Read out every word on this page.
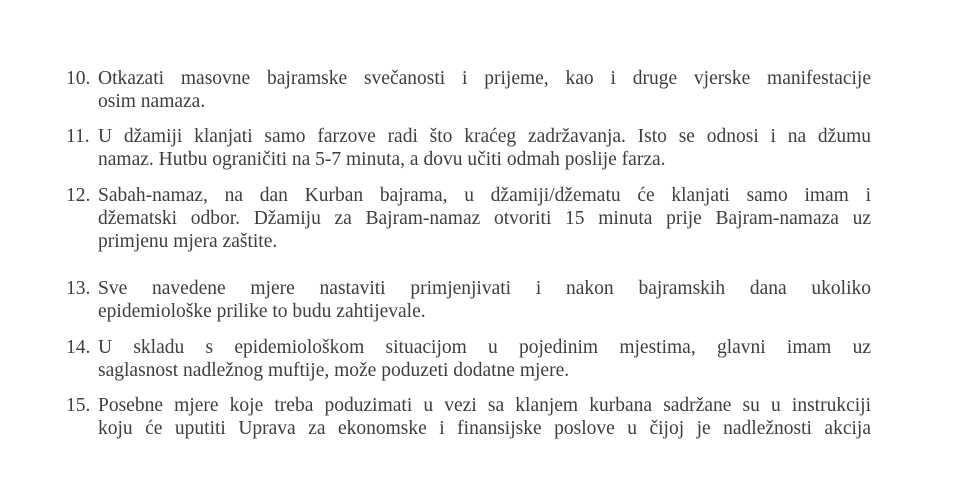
10. Otkazati masovne bajramske svečanosti i prijeme, kao i druge vjerske manifestacije
osim namaza.
11. U džamiji klanjati samo farzove radi što kraćeg zadržavanja. Isto se odnosi i na džumu
namaz. Hutbu ograničiti na 5-7 minuta, a dovu učiti odmah poslije farza.
12. Sabah-namaz, na dan Kurban bajrama, u džamiji/džematu će klanjati samo imam i
džematski odbor. Džamiju za Bajram-namaz otvoriti 15 minuta prije Bajram-namaza uz
primjenu mjera zaštite.
13. Sve navedene mjere nastaviti primjenjivati i nakon bajramskih dana ukoliko
epidemiološke prilike to budu zahtijevale.
14. U skladu s epidemiološkom situacijom u pojedinim mjestima, glavni imam uz
saglasnost nadležnog muftije, može poduzeti dodatne mjere.
15. Posebne mjere koje treba poduzimati u vezi sa klanjem kurbana sadržane su u instrukciji
koju će uputiti Uprava za ekonomske i finansijske poslove u čijoj je nadležnosti akcija
